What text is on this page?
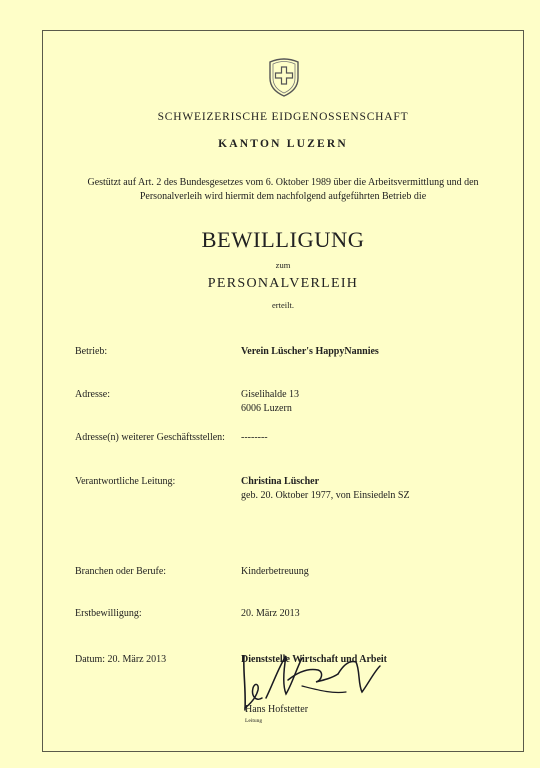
SCHWEIZERISCHE EIDGENOSSENSCHAFT
KANTON LUZERN
Gestützt auf Art. 2 des Bundesgesetzes vom 6. Oktober 1989 über die Arbeitsvermittlung und den
Personalverleih wird hiermit dem nachfolgend aufgeführten Betrieb die
BEWILLIGUNG
zum
PERSONALVERLEIH
erteilt.
Betrieb:	Verein Lüscher's HappyNannies
Adresse:	Giselihalde 13
6006 Luzern
Adresse(n) weiterer Geschäftsstellen: --------
Verantwortliche Leitung:	Christina Lüscher
geb. 20. Oktober 1977, von Einsiedeln SZ
Branchen oder Berufe:	Kinderbetreuung
Erstbewilligung:	20. März 2013
Datum: 20. März 2013	Dienststelle Wirtschaft und Arbeit
Hans Hofstetter
Leitung
